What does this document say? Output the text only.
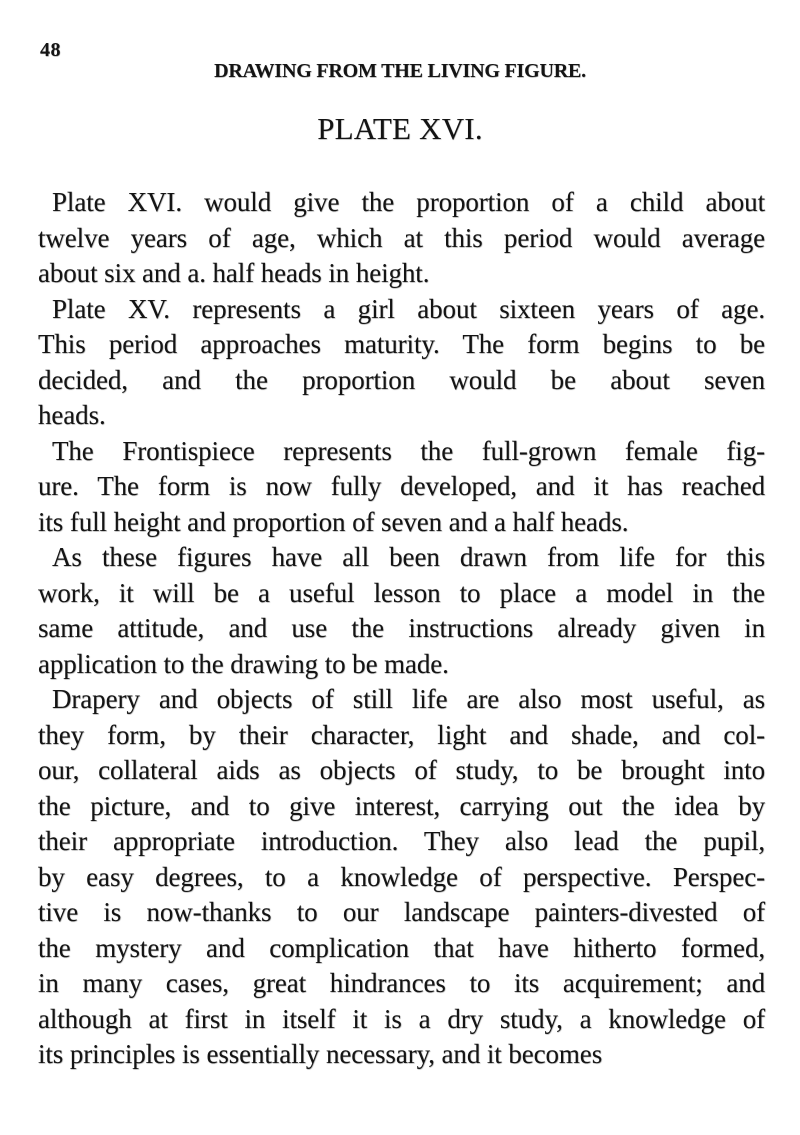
48
DRAWING FROM THE LIVING FIGURE.
PLATE XVI.
Plate XVI. would give the proportion of a child about
twelve years of age, which at this period would average
about six and a. half heads in height.
Plate XV. represents a girl about sixteen years of age.
This period approaches maturity. The form begins to be
decided, and the proportion would be about seven
heads.
The Frontispiece represents the full-grown female fig-
ure. The form is now fully developed, and it has reached
its full height and proportion of seven and a half heads.
As these figures have all been drawn from life for this
work, it will be a useful lesson to place a model in the
same attitude, and use the instructions already given in
application to the drawing to be made.
Drapery and objects of still life are also most useful, as
they form, by their character, light and shade, and col-
our, collateral aids as objects of study, to be brought into
the picture, and to give interest, carrying out the idea by
their appropriate introduction. They also lead the pupil,
by easy degrees, to a knowledge of perspective. Perspec-
tive is now-thanks to our landscape painters-divested of
the mystery and complication that have hitherto formed,
in many cases, great hindrances to its acquirement; and
although at first in itself it is a dry study, a knowledge of
its principles is essentially necessary, and it becomes
